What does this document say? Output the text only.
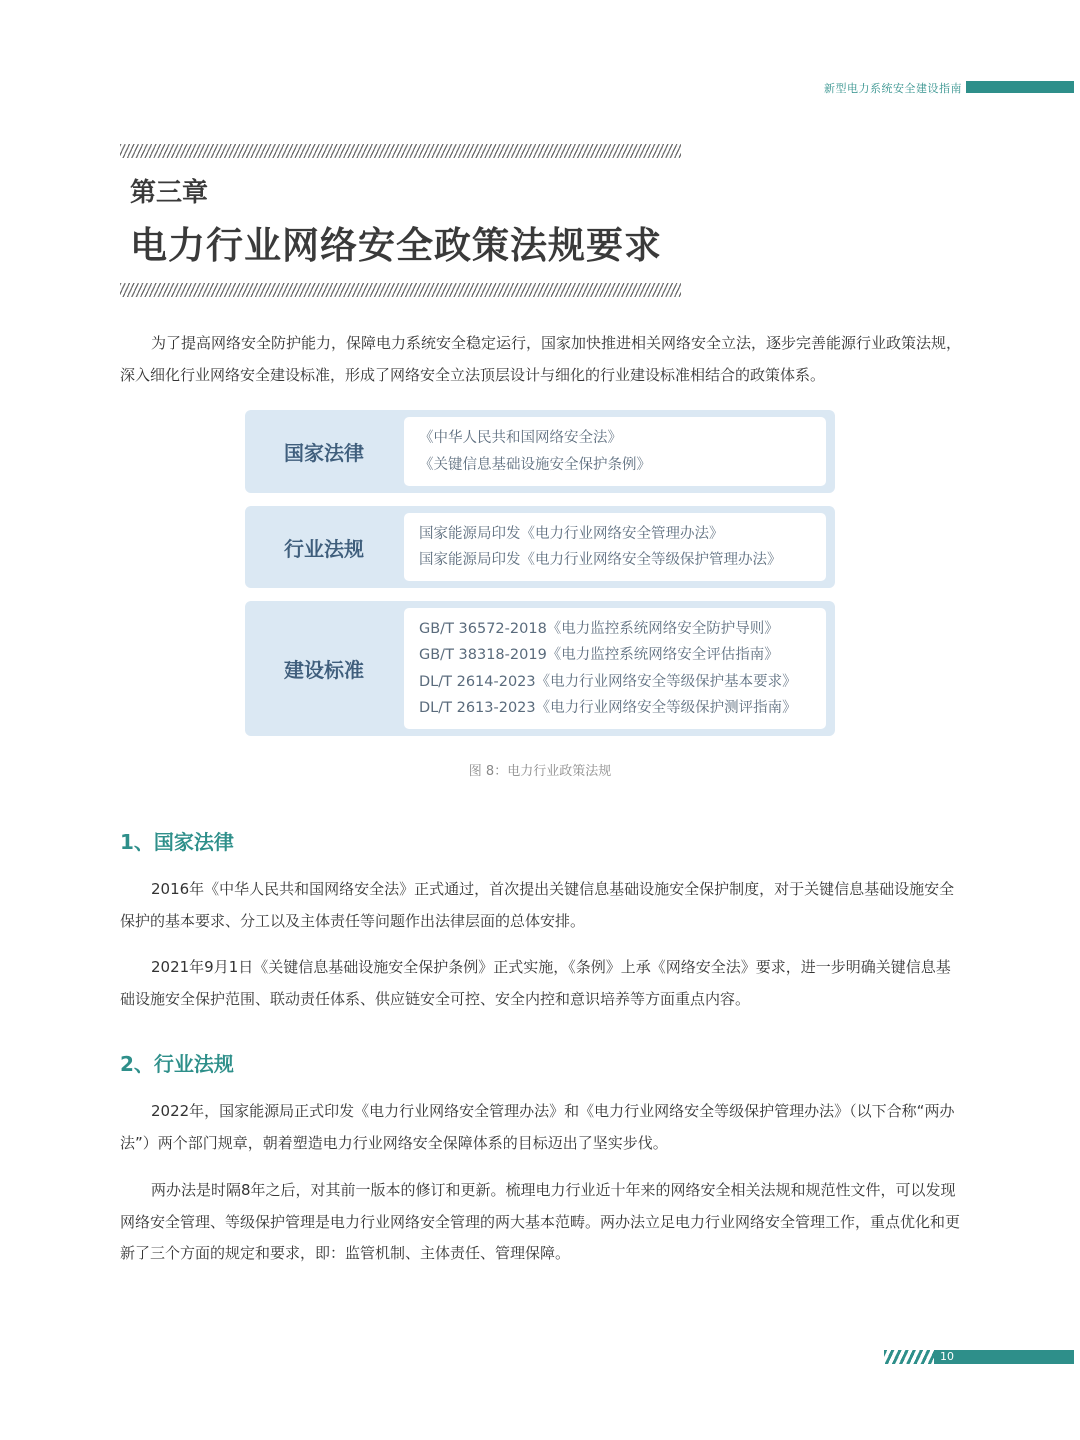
新型电力系统安全建设指南
第三章
电力行业网络安全政策法规要求

为了提高网络安全防护能力，保障电力系统安全稳定运行，国家加快推进相关网络安全立法，逐步完善能源行业政策法规，深入细化行业网络安全建设标准，形成了网络安全立法顶层设计与细化的行业建设标准相结合的政策体系。

国家法律
《中华人民共和国网络安全法》
《关键信息基础设施安全保护条例》
行业法规
国家能源局印发《电力行业网络安全管理办法》
国家能源局印发《电力行业网络安全等级保护管理办法》
建设标准
GB/T 36572-2018《电力监控系统网络安全防护导则》
GB/T 38318-2019《电力监控系统网络安全评估指南》
DL/T 2614-2023《电力行业网络安全等级保护基本要求》
DL/T 2613-2023《电力行业网络安全等级保护测评指南》
图 8：电力行业政策法规
1、国家法律

2016年《中华人民共和国网络安全法》正式通过，首次提出关键信息基础设施安全保护制度，对于关键信息基础设施安全保护的基本要求、分工以及主体责任等问题作出法律层面的总体安排。

2021年9月1日《关键信息基础设施安全保护条例》正式实施，《条例》上承《网络安全法》要求，进一步明确关键信息基础设施安全保护范围、联动责任体系、供应链安全可控、安全内控和意识培养等方面重点内容。

2、行业法规

2022年，国家能源局正式印发《电力行业网络安全管理办法》和《电力行业网络安全等级保护管理办法》（以下合称“两办法”）两个部门规章，朝着塑造电力行业网络安全保障体系的目标迈出了坚实步伐。

两办法是时隔8年之后，对其前一版本的修订和更新。梳理电力行业近十年来的网络安全相关法规和规范性文件，可以发现网络安全管理、等级保护管理是电力行业网络安全管理的两大基本范畴。两办法立足电力行业网络安全管理工作，重点优化和更新了三个方面的规定和要求，即：监管机制、主体责任、管理保障。

10
